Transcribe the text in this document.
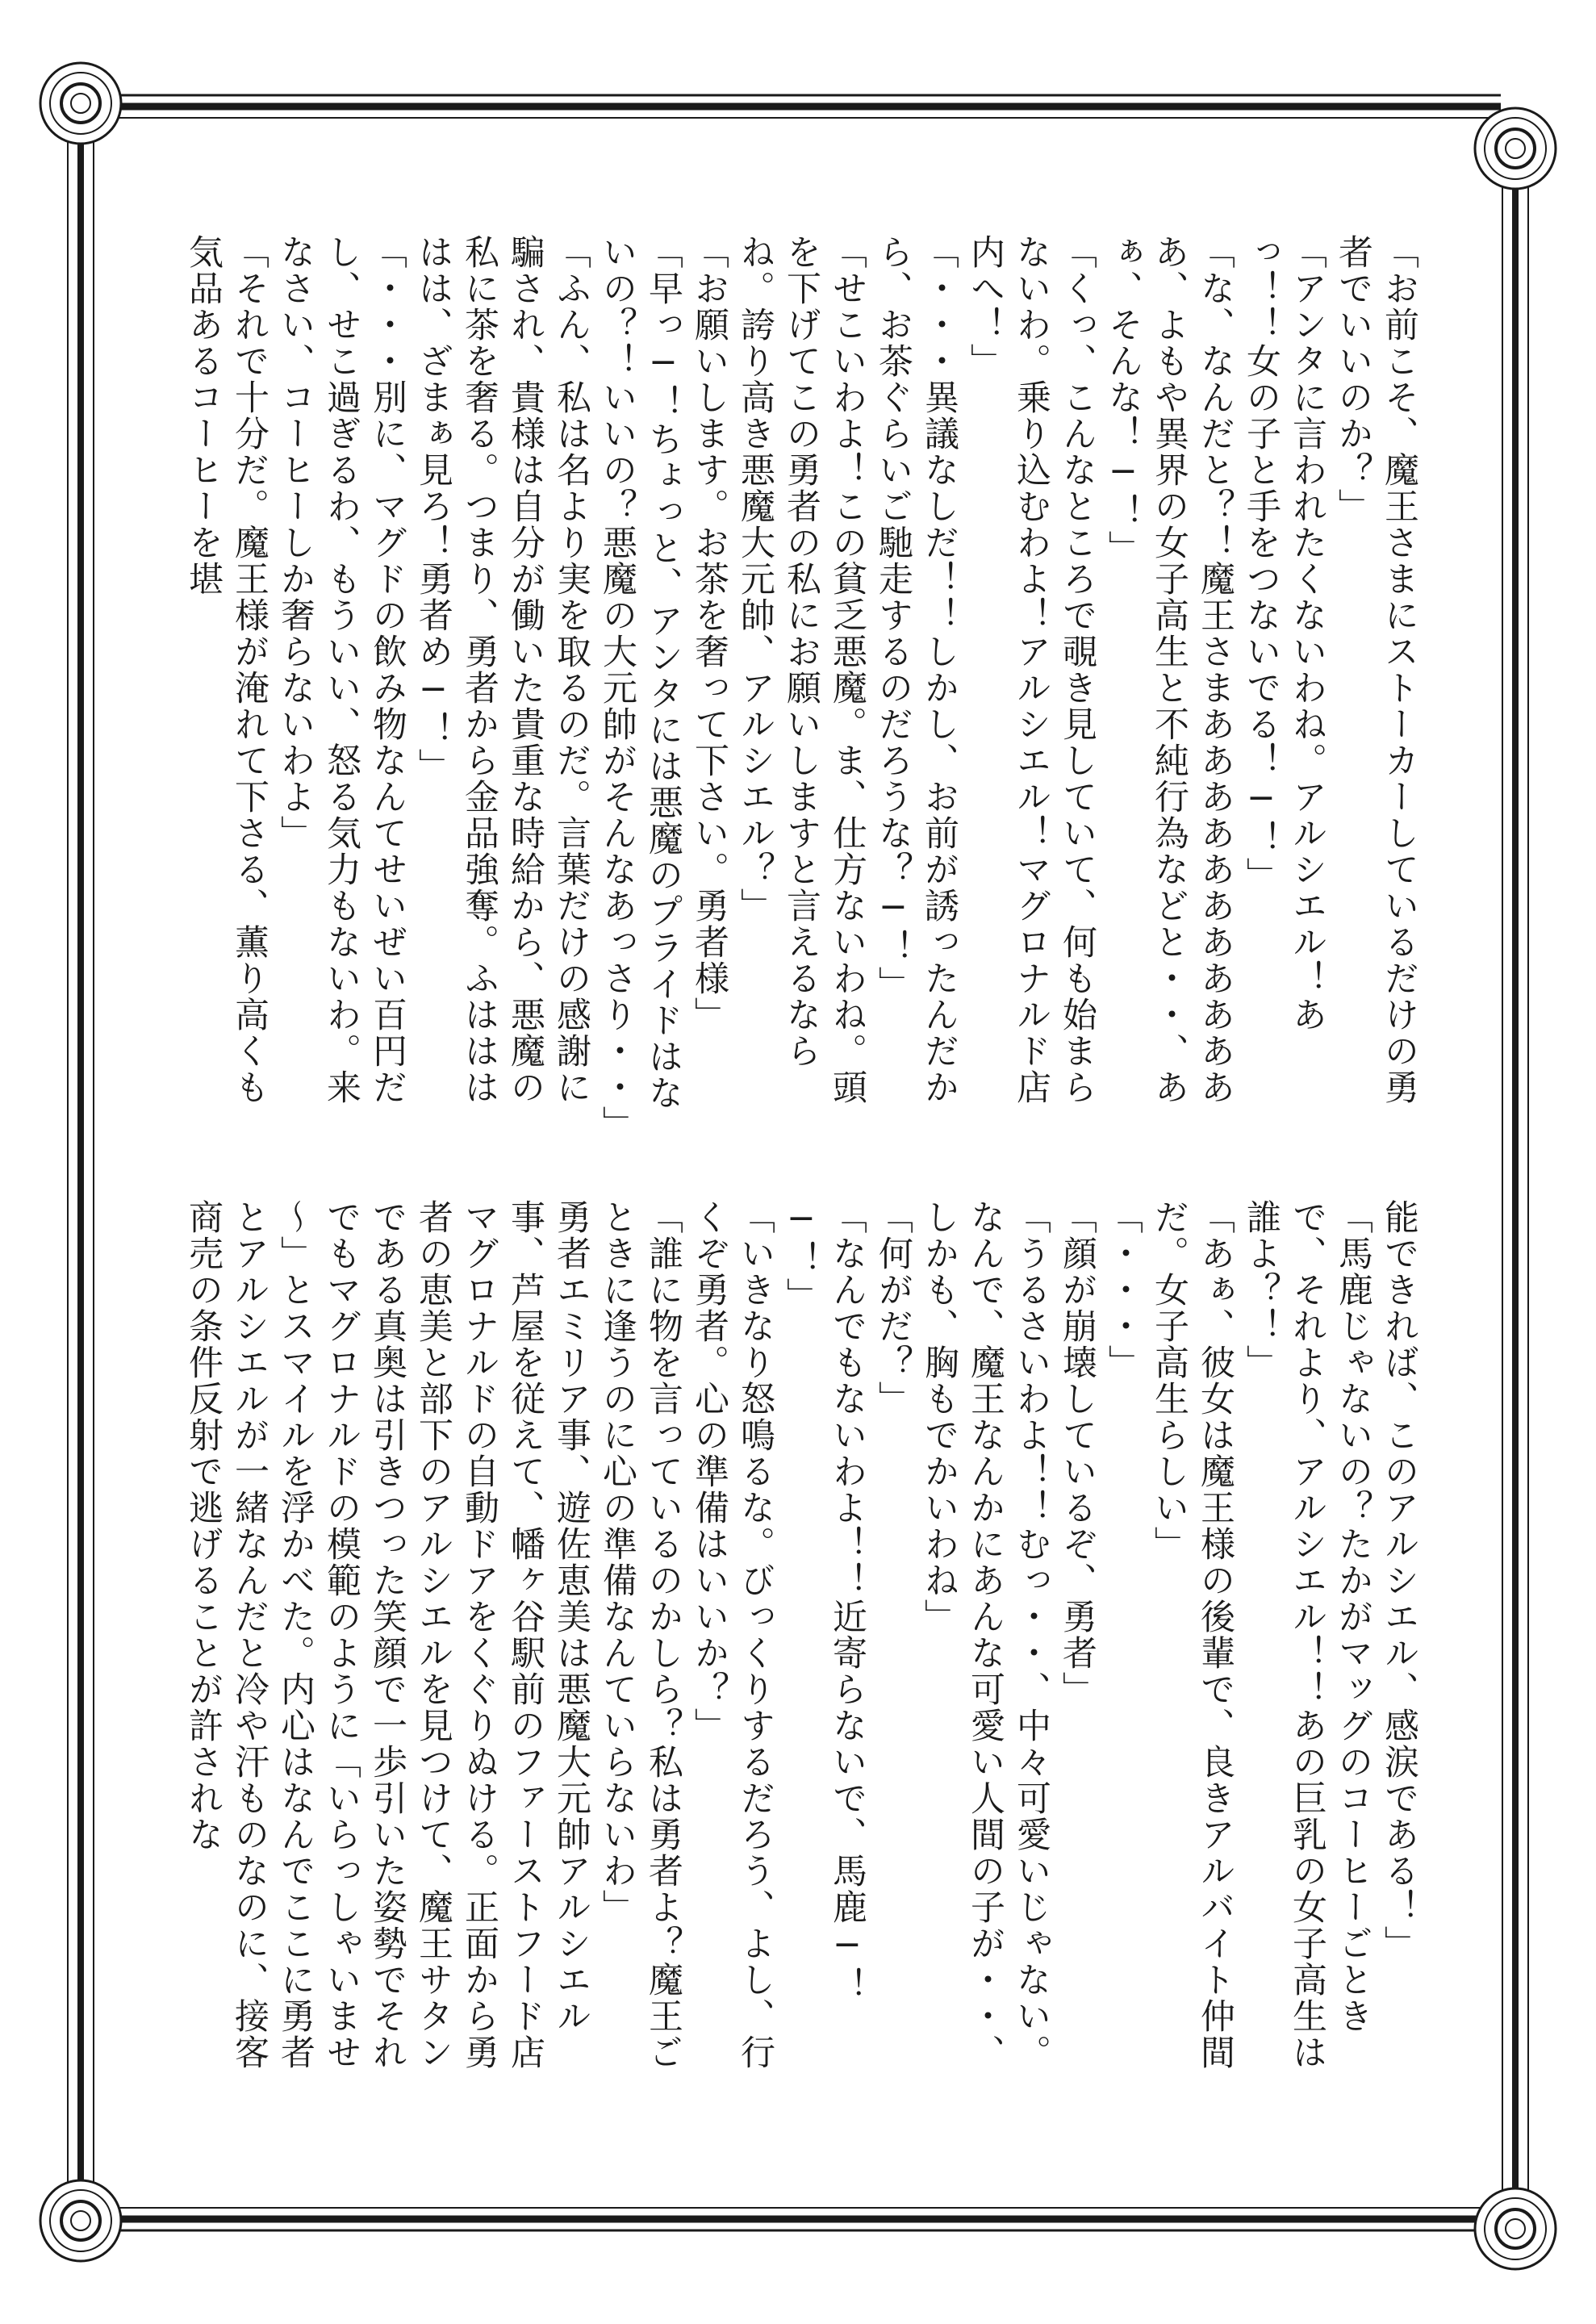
「お前こそ、魔王さまにストーカーしているだけの勇者でいいのか？」

「アンタに言われたくないわね。アルシエル！あっ！！女の子と手をつないでる！─！」

「な、なんだと？！魔王さまああああああああああああ、よもや異界の女子高生と不純行為などと・・、あぁ、そんな！─！」

「くっ、こんなところで覗き見していて、何も始まらないわ。乗り込むわよ！アルシエル！マグロナルド店内へ！」

「・・・異議なしだ！！しかし、お前が誘ったんだから、お茶ぐらいご馳走するのだろうな？─！」

「せこいわよ！この貧乏悪魔。ま、仕方ないわね。頭を下げてこの勇者の私にお願いしますと言えるならね。誇り高き悪魔大元帥、アルシエル？」

「お願いします。お茶を奢って下さい。勇者様」

「早っ─！ちょっと、アンタには悪魔のプライドはないの？！いいの？悪魔の大元帥がそんなあっさり・・」

「ふん、私は名より実を取るのだ。言葉だけの感謝に騙され、貴様は自分が働いた貴重な時給から、悪魔の私に茶を奢る。つまり、勇者から金品強奪。ふははははは、ざまぁ見ろ！勇者め─！」

「・・・別に、マグドの飲み物なんてせいぜい百円だし、せこ過ぎるわ、もういい、怒る気力もないわ。来なさい、コーヒーしか奢らないわよ」

「それで十分だ。魔王様が淹れて下さる、薫り高くも気品あるコーヒーを堪

能できれば、このアルシエル、感涙である！」

「馬鹿じゃないの？たかがマッグのコーヒーごときで、それより、アルシエル！！あの巨乳の女子高生は誰よ？！」

「あぁ、彼女は魔王様の後輩で、良きアルバイト仲間だ。女子高生らしい」

「・・・」

「顔が崩壊しているぞ、勇者」

「うるさいわよ！！むっ・・、中々可愛いじゃない。なんで、魔王なんかにあんな可愛い人間の子が・・、しかも、胸もでかいわね」

「何がだ？」

「なんでもないわよ！！近寄らないで、馬鹿─！─！」

「いきなり怒鳴るな。びっくりするだろう、よし、行くぞ勇者。心の準備はいいか？」

「誰に物を言っているのかしら？私は勇者よ？魔王ごときに逢うのに心の準備なんていらないわ」

勇者エミリア事、遊佐恵美は悪魔大元帥アルシエル事、芦屋を従えて、幡ヶ谷駅前のファーストフード店マグロナルドの自動ドアをくぐりぬける。正面から勇者の恵美と部下のアルシエルを見つけて、魔王サタンである真奥は引きつった笑顔で一歩引いた姿勢でそれでもマグロナルドの模範のように「いらっしゃいませ～」とスマイルを浮かべた。内心はなんでここに勇者とアルシエルが一緒なんだと冷や汗ものなのに、接客商売の条件反射で逃げることが許されな
